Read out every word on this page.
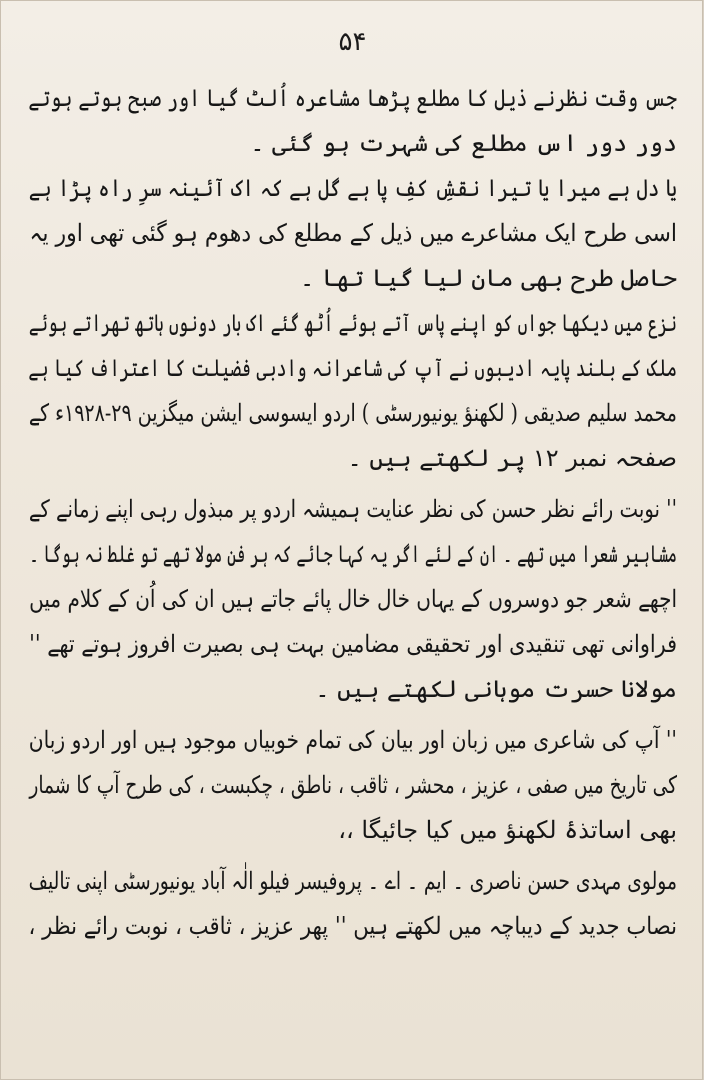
۵۴
جس وقت نظرنے ذیل کا مطلع پڑھا مشاعرہ اُلٹ گیا اور صبح ہوتے ہوتے
دور دور اس مطلع کی شہرت ہو گئی ۔
یا دل ہے میرا یا تیرا نقشِ کفِ پا ہے گل ہے کہ اک آئینہ سرِ راہ پڑا ہے
اسی طرح ایک مشاعرے میں ذیل کے مطلع کی دھوم ہو گئی تھی اور یہ
حاصل طرح بھی مان لیا گیا تھا ۔
نزع میں دیکھا جواں کو اپنے پاس آتے ہوئے اُٹھ گئے اک بار دونوں ہاتھ تھراتے ہوئے
ملک کے بلند پایہ ادیبوں نے آپ کی شاعرانہ وادبی فضیلت کا اعتراف کیا ہے
محمد سلیم صدیقی ( لکھنؤ یونیورسٹی ) اردو ایسوسی ایشن میگزین ۲۹-۱۹۲۸ء کے
صفحہ نمبر ۱۲ پر لکھتے ہیں ۔
'' نوبت رائے نظر حسن کی نظر عنایت ہمیشہ اردو پر مبذول رہی اپنے زمانے کے
مشاہیر شعرا میں تھے ۔ ان کے لئے اگر یہ کہا جائے کہ ہر فن مولا تھے تو غلط نہ ہوگا ۔
اچھے شعر جو دوسروں کے یہاں خال خال پائے جاتے ہیں ان کی اُن کے کلام میں
فراوانی تھی تنقیدی اور تحقیقی مضامین بہت ہی بصیرت افروز ہوتے تھے ''
مولانا حسرت موہانی لکھتے ہیں ۔
'' آپ کی شاعری میں زبان اور بیان کی تمام خوبیاں موجود ہیں اور اردو زبان
کی تاریخ میں صفی ، عزیز ، محشر ، ثاقب ، ناطق ، چکبست ، کی طرح آپ کا شمار
بھی اساتذۂ لکھنؤ میں کیا جائیگا ،،
مولوی مہدی حسن ناصری ۔ ایم ۔ اے ۔ پروفیسر فیلو الٰہ آباد یونیورسٹی اپنی تالیف
نصاب جدید کے دیباچہ میں لکھتے ہیں '' پھر عزیز ، ثاقب ، نوبت رائے نظر ،
